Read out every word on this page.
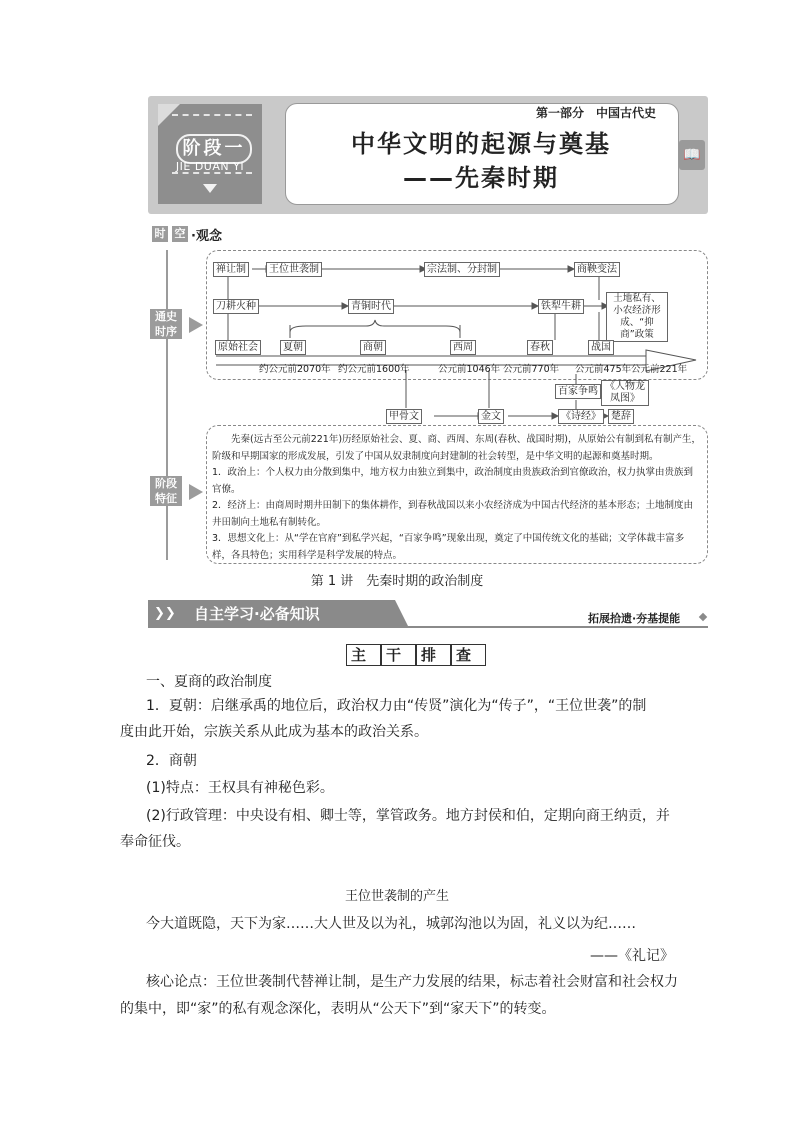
阶段一
JIE DUAN YI
第一部分　中国古代史
中华文明的起源与奠基
——先秦时期
📖
时 空 ·观念
通史
时序
禅让制	王位世袭制	宗法制、分封制	商鞅变法
刀耕火种	青铜时代	铁犁牛耕
土地私有、小农经济形成、“抑商”政策
原始社会	夏朝	商朝	西周	春秋	战国
约公元前2070年 约公元前1600年	公元前1046年 公元前770年 公元前475年 公元前221年
甲骨文	金文
百家争鸣 《人物龙凤图》
《诗经》	楚辞
阶段
特征

先秦(远古至公元前221年)历经原始社会、夏、商、西周、东周(春秋、战国时期)，从原始公有制到私有制产生，阶级和早期国家的形成发展，引发了中国从奴隶制度向封建制的社会转型，是中华文明的起源和奠基时期。

1．政治上：个人权力由分散到集中，地方权力由独立到集中，政治制度由贵族政治到官僚政治，权力执掌由贵族到官僚。

2．经济上：由商周时期井田制下的集体耕作，到春秋战国以来小农经济成为中国古代经济的基本形态；土地制度由井田制向土地私有制转化。

3．思想文化上：从“学在官府”到私学兴起，“百家争鸣”现象出现，奠定了中国传统文化的基础；文学体裁丰富多样，各具特色；实用科学是科学发展的特点。

第 1 讲　先秦时期的政治制度
❯❯ 自主学习·必备知识	拓展拾遗·夯基提能
主 干 排 查
一、夏商的政治制度
1．夏朝：启继承禹的地位后，政治权力由“传贤”演化为“传子”，“王位世袭”的制
度由此开始，宗族关系从此成为基本的政治关系。
2．商朝
(1)特点：王权具有神秘色彩。
(2)行政管理：中央设有相、卿士等，掌管政务。地方封侯和伯，定期向商王纳贡，并
奉命征伐。
王位世袭制的产生
今大道既隐，天下为家……大人世及以为礼，城郭沟池以为固，礼义以为纪……
——《礼记》
核心论点：王位世袭制代替禅让制，是生产力发展的结果，标志着社会财富和社会权力
的集中，即“家”的私有观念深化，表明从“公天下”到“家天下”的转变。
